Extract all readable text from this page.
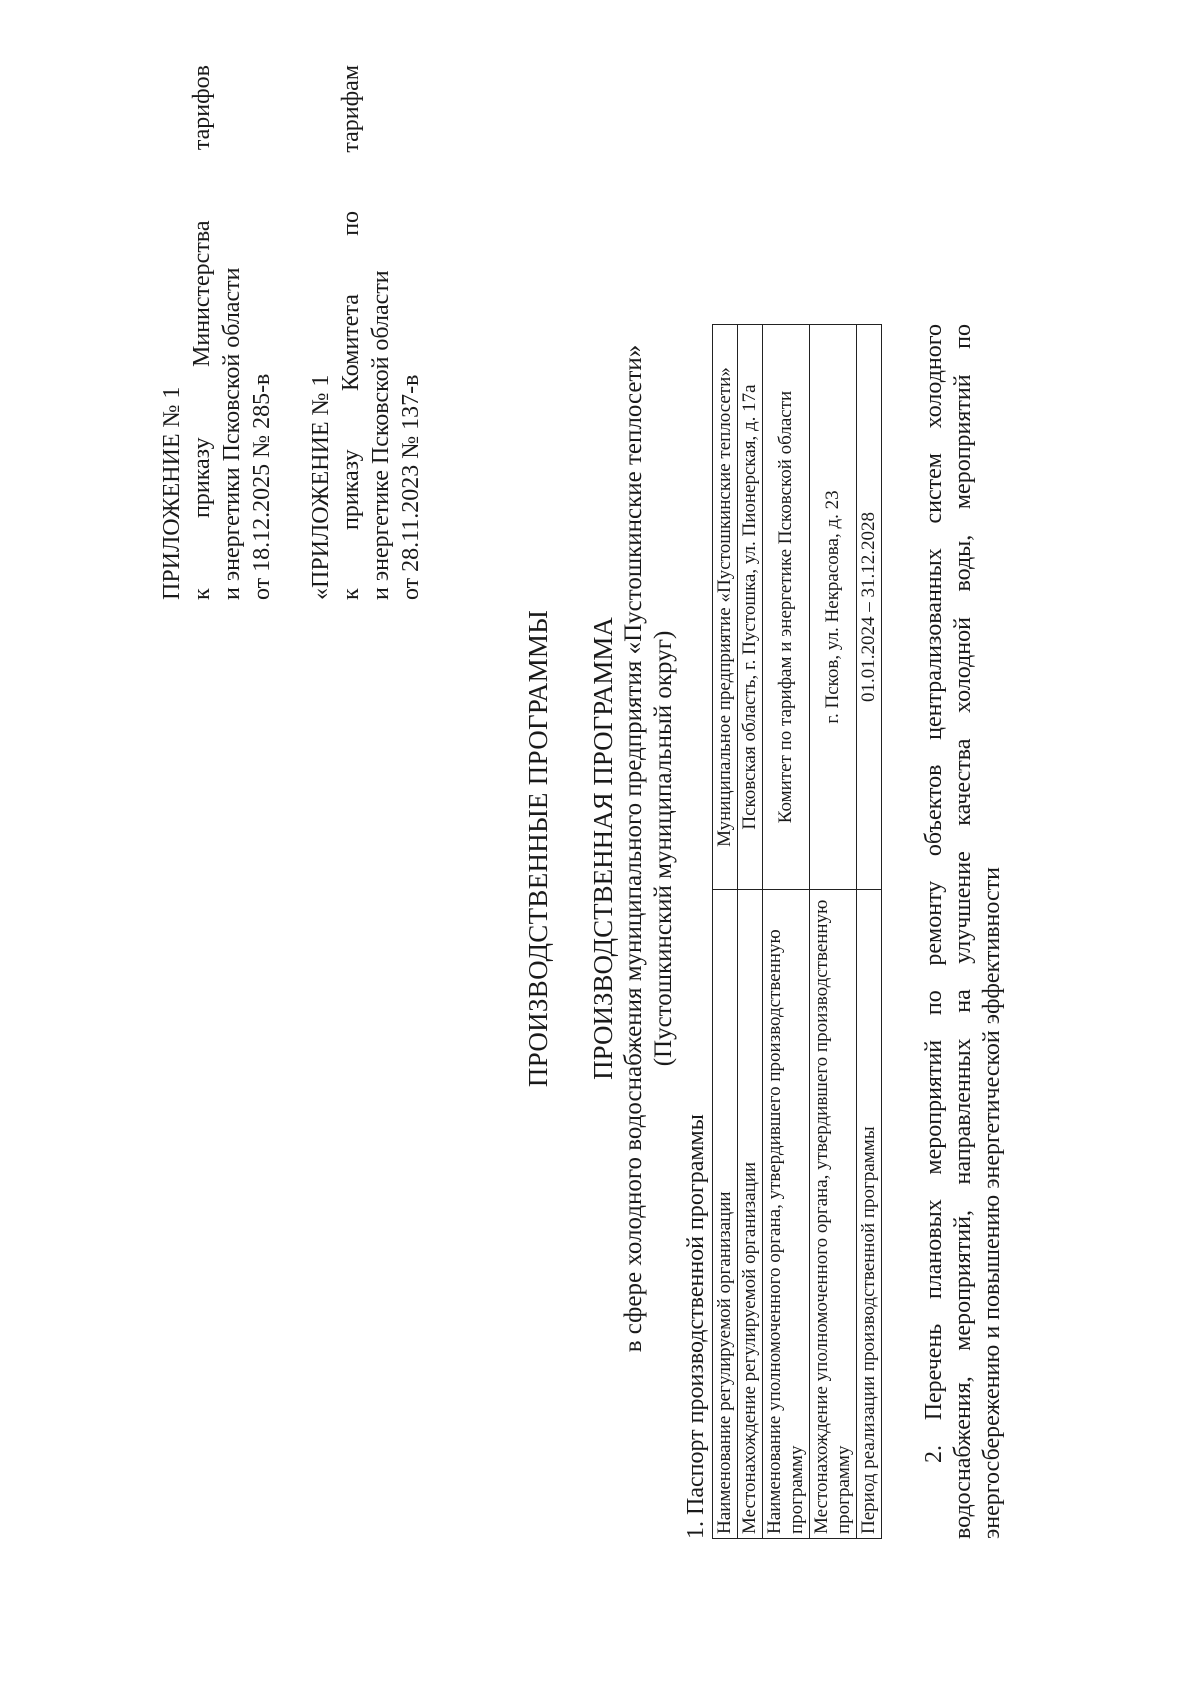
ПРИЛОЖЕНИЕ № 1 к приказу Министерства тарифов
и энергетики Псковской области от 18.12.2025 № 285-в «ПРИЛОЖЕНИЕ № 1 к приказу Комитета по тарифам
и энергетике Псковской области от 28.11.2023 № 137-в
ПРОИЗВОДСТВЕННЫЕ ПРОГРАММЫ ПРОИЗВОДСТВЕННАЯ ПРОГРАММА в сфере холодного водоснабжения муниципального предприятия «Пустошкинские теплосети» (Пустошкинский муниципальный округ)
1. Паспорт производственной программы Наименование регулируемой организации	Муниципальное предприятие «Пустошкинские теплосети»
Местонахождение регулируемой организации	Псковская область, г. Пустошка, ул. Пионерская, д. 17а
Наименование уполномоченного органа, утвердившего производственную программу	Комитет по тарифам и энергетике Псковской области
Местонахождение уполномоченного органа, утвердившего производственную программу	г. Псков, ул. Некрасова, д. 23
Период реализации производственной программы	01.01.2024 – 31.12.2028 2. Перечень плановых мероприятий по ремонту объектов централизованных систем холодного водоснабжения, мероприятий, направленных на улучшение качества холодной воды, мероприятий по энергосбережению и повышению энергетической эффективности
